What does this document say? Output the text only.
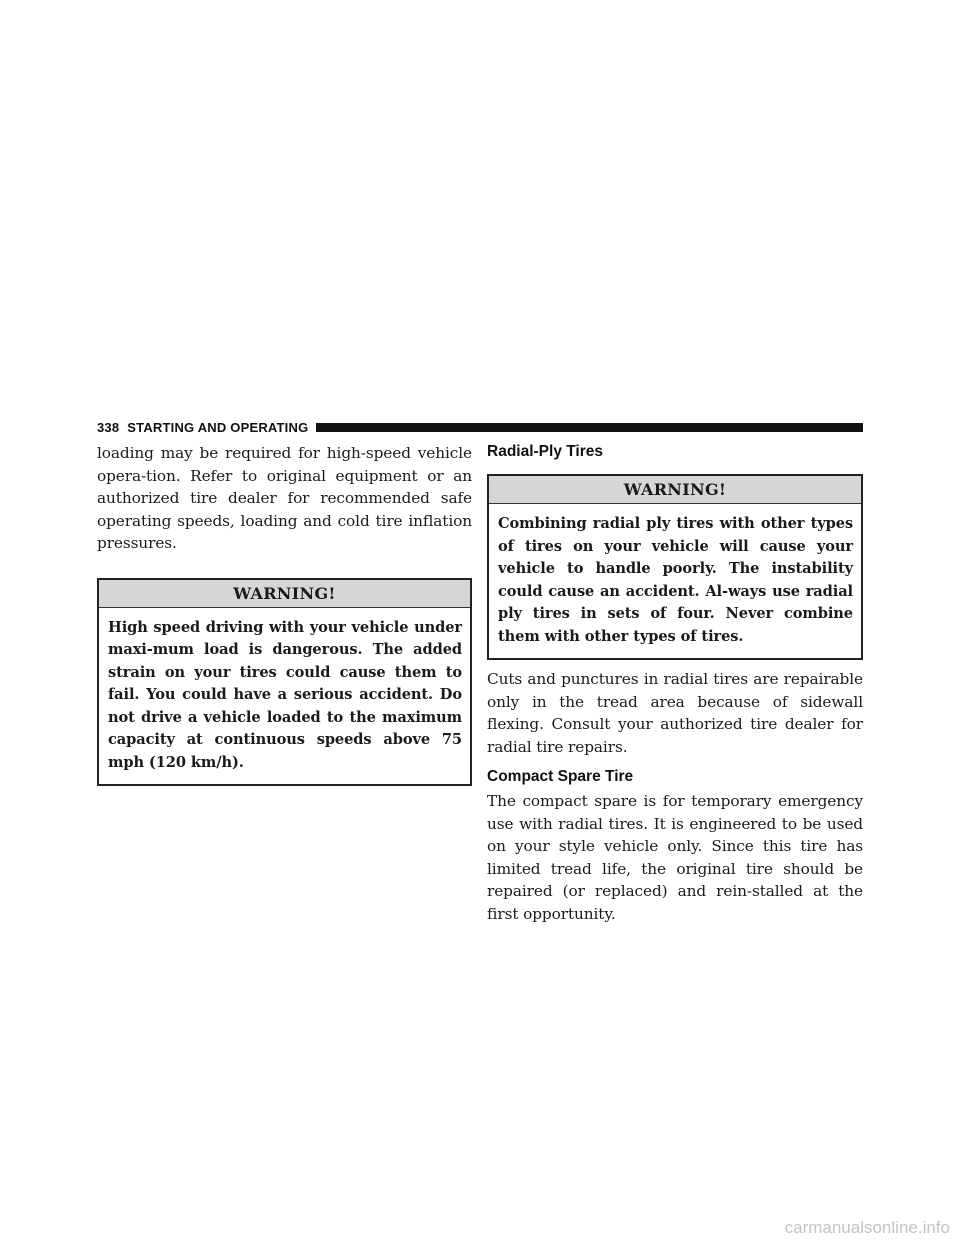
338 STARTING AND OPERATING

loading may be required for high-speed vehicle opera-tion. Refer to original equipment or an authorized tire dealer for recommended safe operating speeds, loading and cold tire inflation pressures.

WARNING!
High speed driving with your vehicle under maxi-mum load is dangerous. The added strain on your tires could cause them to fail. You could have a serious accident. Do not drive a vehicle loaded to the maximum capacity at continuous speeds above 75 mph (120 km/h).
Radial-Ply Tires
WARNING!
Combining radial ply tires with other types of tires on your vehicle will cause your vehicle to handle poorly. The instability could cause an accident. Al-ways use radial ply tires in sets of four. Never combine them with other types of tires.

Cuts and punctures in radial tires are repairable only in the tread area because of sidewall flexing. Consult your authorized tire dealer for radial tire repairs.

Compact Spare Tire

The compact spare is for temporary emergency use with radial tires. It is engineered to be used on your style vehicle only. Since this tire has limited tread life, the original tire should be repaired (or replaced) and rein-stalled at the first opportunity.

carmanualsonline.info
